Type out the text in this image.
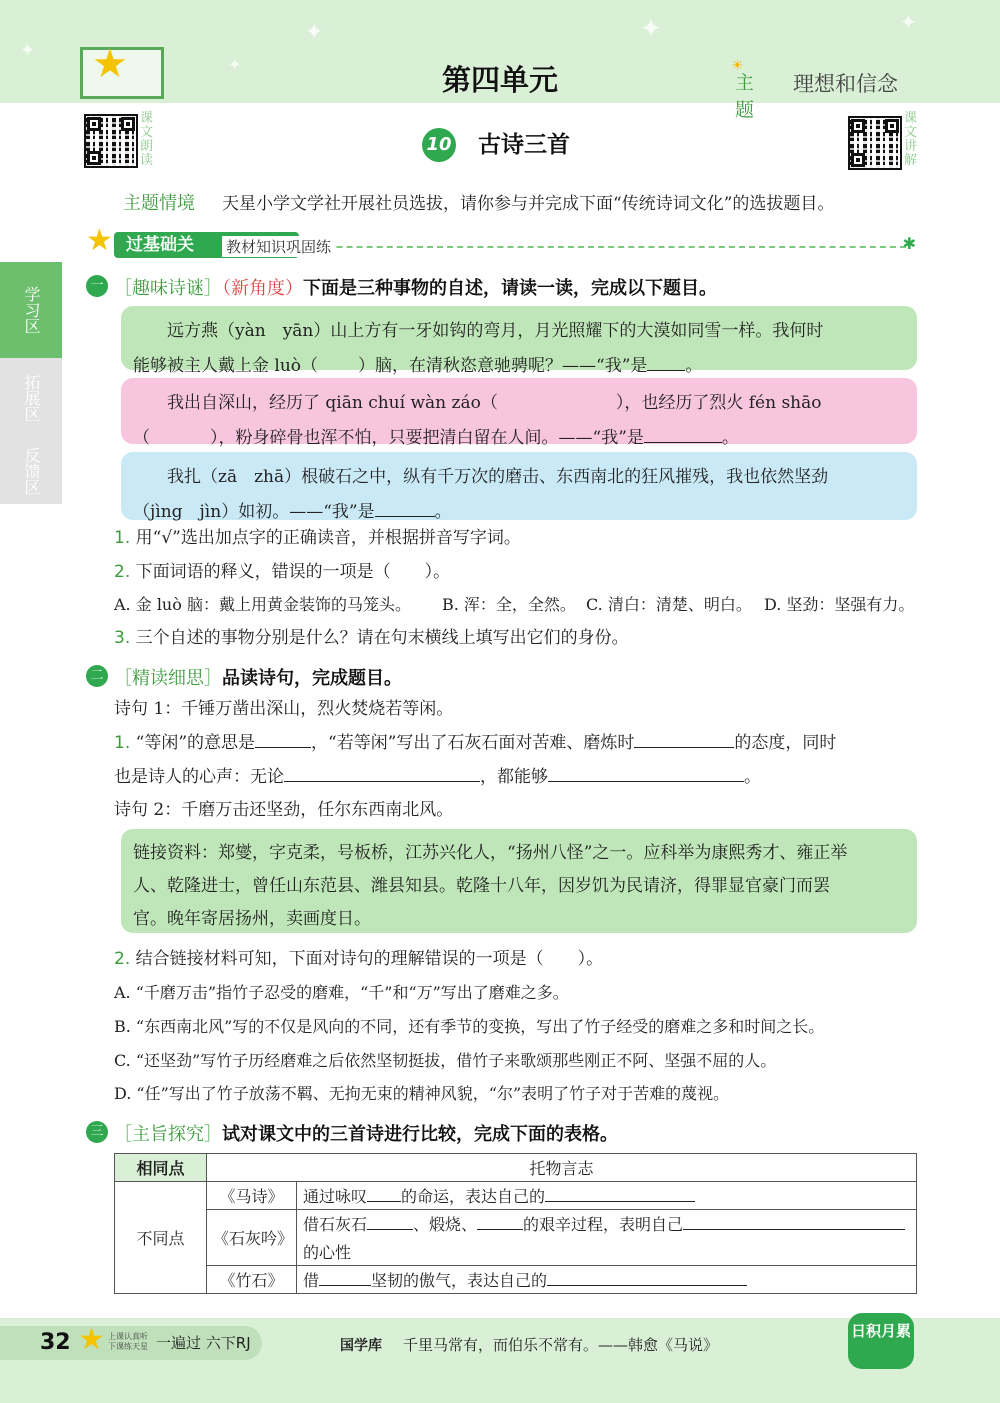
✦
✦
✦	✦
✦ ★	第四单元	☀
主题
理想和信念
课文朗读
课文讲解
10 古诗三首
主题情境 天星小学文学社开展社员选拔，请你参与并完成下面“传统诗词文化”的选拔题目。
过基础关	教材知识巩固练
★	✱
学习区
拓展区
反馈区
一 ［趣味诗谜］（新角度）下面是三种事物的自述，请读一读，完成以下题目。

远方燕（yàn　yān）山上方有一牙如钩的弯月，月光照耀下的大漠如同雪一样。我何时

能够被主人戴上金 luò（ ）脑，在清秋恣意驰骋呢？——“我”是 。

我出自深山，经历了 qiān chuí wàn záo（	），也经历了烈火 fén shāo

（	），粉身碎骨也浑不怕，只要把清白留在人间。——“我”是	。

我扎（zā　zhā）根破石之中，纵有千万次的磨击、东西南北的狂风摧残，我也依然坚劲

（jìng　jìn）如初。——“我”是	。

1. 用“√”选出加点字的正确读音，并根据拼音写字词。
2. 下面词语的释义，错误的一项是（　　）。
A. 金 luò 脑：戴上用黄金装饰的马笼头。 B. 浑：全，全然。 C. 清白：清楚、明白。 D. 坚劲：坚强有力。
3. 三个自述的事物分别是什么？请在句末横线上填写出它们的身份。
二 ［精读细思］品读诗句，完成题目。
诗句 1：千锤万凿出深山，烈火焚烧若等闲。
1. “等闲”的意思是	，“若等闲”写出了石灰石面对苦难、磨炼时	的态度，同时
也是诗人的心声：无论	，都能够	。
诗句 2：千磨万击还坚劲，任尔东西南北风。

链接资料：郑燮，字克柔，号板桥，江苏兴化人，“扬州八怪”之一。应科举为康熙秀才、雍正举

人、乾隆进士，曾任山东范县、潍县知县。乾隆十八年，因岁饥为民请济，得罪显官豪门而罢

官。晚年寄居扬州，卖画度日。

2. 结合链接材料可知，下面对诗句的理解错误的一项是（　　）。
A. “千磨万击”指竹子忍受的磨难，“千”和“万”写出了磨难之多。
B. “东西南北风”写的不仅是风向的不同，还有季节的变换，写出了竹子经受的磨难之多和时间之长。
C. “还坚劲”写竹子历经磨难之后依然坚韧挺拔，借竹子来歌颂那些刚正不阿、坚强不屈的人。
D. “任”写出了竹子放荡不羁、无拘无束的精神风貌，“尔”表明了竹子对于苦难的蔑视。
三 ［主旨探究］试对课文中的三首诗进行比较，完成下面的表格。
相同点	托物言志	
不同点	《马诗》	通过咏叹 的命运，表达自己的
	《石灰吟》	借石灰石 、煅烧、 的艰辛过程，表明自己
		的心性
	《竹石》	借 坚韧的傲气，表达自己的
32 ★ 上课认真听 下课练天星 一遍过 六下RJ	国学库 千里马常有，而伯乐不常有。——韩愈《马说》
日积月累
